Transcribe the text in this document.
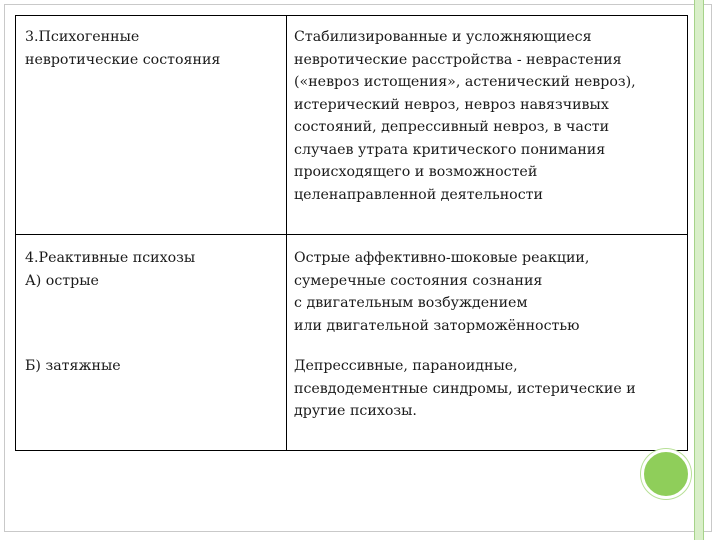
3.Психогенные
невротические состояния
Стабилизированные и усложняющиеся
невротические расстройства - неврастения
(«невроз истощения», астенический невроз),
истерический невроз, невроз навязчивых
состояний, депрессивный невроз, в части
случаев утрата критического понимания
происходящего и возможностей
целенаправленной деятельности
4.Реактивные психозы
А) острые
Острые аффективно-шоковые реакции,
сумеречные состояния сознания
с двигательным возбуждением
или двигательной заторможённостью
Б) затяжные	Депрессивные, параноидные,
псевдодементные синдромы, истерические и
другие психозы.
